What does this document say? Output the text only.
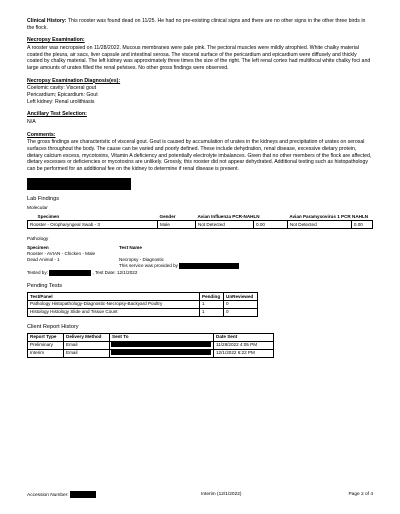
Clinical History: This rooster was found dead on 11/25. He had no pre-existing clinical signs and there are no other signs in the other three birds in the flock.
Necropsy Examination:
A rooster was necropsied on 11/28/2022. Mucous membranes were pale pink. The pectoral muscles were mildly atrophied. White chalky material coated the pleura, air sacs, liver capsule and intestinal serosa. The visceral surface of the pericardium and epicardium were diffusely and thickly coated by chalky material. The left kidney was approximately three times the size of the right. The left renal cortex had multifocal white chalky foci and large amounts of urates filled the renal pelvises. No other gross findings were observed.
Necropsy Examination Diagnosis(es):
Coelomic cavity: Visceral gout
Pericardium; Epicardium: Gout
Left kidney: Renal urolithiasis
Ancillary Test Selection:
N/A
Comments:
The gross findings are characteristic of visceral gout. Gout is caused by accumulation of urates in the kidneys and precipitation of urates on serosal surfaces throughout the body. The cause can be varied and poorly defined. These include dehydration, renal disease, excessive dietary protein, dietary calcium excess, mycotoxins, Vitamin A deficiency and potentially electrolyte imbalances. Given that no other members of the flock are affected, dietary excesses or deficiencies or mycotoxins are unlikely. Grossly, this rooster did not appear dehydrated. Additional testing such as histopathology can be performed for an additional fee on the kidney to determine if renal disease is present.
Lab Findings
Molecular
Specimen	Gender	Avian Influenza PCR-NAHLN		Avian Paramyxovirus 1 PCR NAHLN	
Rooster - Oropharyngeal Swab - 3	Male	Not Detected	0.00	Not Detected	0.00
Pathology
Specimen	Test Name
Rooster - AVIAN - Chicken - Male
Dead Animal - 1	Necropsy - Diagnostic
This service was provided by
Tested by:	, Test Date: 12/1/2022
Pending Tests
Test/Panel	Pending	UnReviewed
Pathology Histopathology-Diagnostic-Necropsy-Backyard Poultry	1	0
Histology Histology Slide and Tissue Count	1	0
Client Report History
Report Type	Delivery Method	Sent To	Date Sent
Preliminary	Email		11/28/2022 4:05 PM
Interim	Email		12/1/2022 6:22 PM
Accession Number:	Interim (12/1/2022)	Page 2 of 4
